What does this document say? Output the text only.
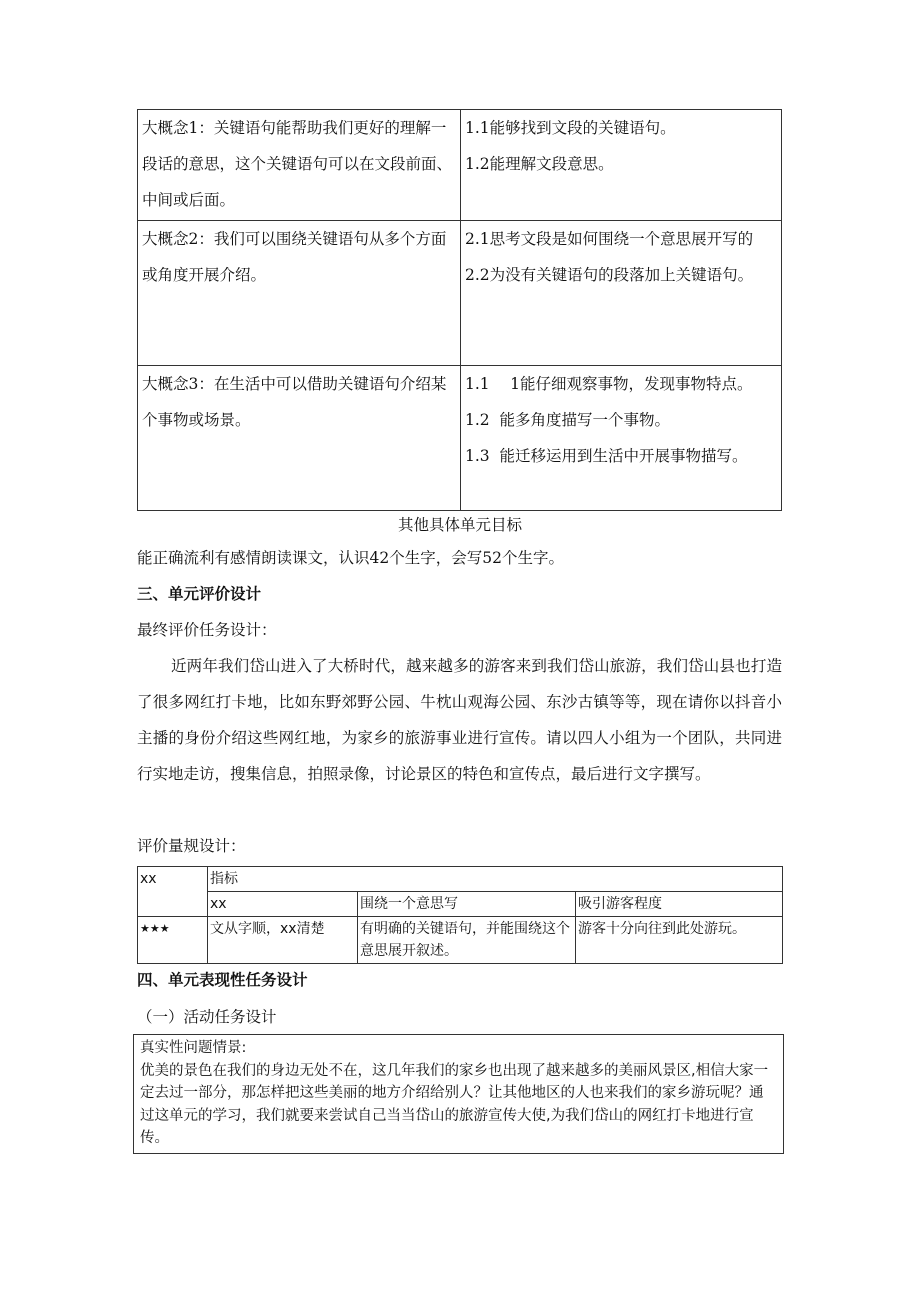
大概念1：关键语句能帮助我们更好的理解一段话的意思，这个关键语句可以在文段前面、中间或后面。	1.1能够找到文段的关键语句。

1.2能理解文段意思。

大概念2：我们可以围绕关键语句从多个方面或角度开展介绍。	2.1思考文段是如何围绕一个意思展开写的

2.2为没有关键语句的段落加上关键语句。

大概念3：在生活中可以借助关键语句介绍某个事物或场景。	1.1　 1能仔细观察事物，发现事物特点。

1.2  能多角度描写一个事物。

1.3  能迁移运用到生活中开展事物描写。

其他具体单元目标

能正确流利有感情朗读课文，认识42个生字，会写52个生字。

三、单元评价设计

最终评价任务设计：

近两年我们岱山进入了大桥时代，越来越多的游客来到我们岱山旅游，我们岱山县也打造了很多网红打卡地，比如东野郊野公园、牛枕山观海公园、东沙古镇等等，现在请你以抖音小主播的身份介绍这些网红地，为家乡的旅游事业进行宣传。请以四人小组为一个团队，共同进行实地走访，搜集信息，拍照录像，讨论景区的特色和宣传点，最后进行文字撰写。

评价量规设计：

xx	指标		
	xx	围绕一个意思写	吸引游客程度
★★★	文从字顺，xx清楚	有明确的关键语句，并能围绕这个意思展开叙述。	游客十分向往到此处游玩。

四、单元表现性任务设计

（一）活动任务设计

真实性问题情景:
优美的景色在我们的身边无处不在，这几年我们的家乡也出现了越来越多的美丽风景区,相信大家一定去过一部分，那怎样把这些美丽的地方介绍给别人？让其他地区的人也来我们的家乡游玩呢？通过这单元的学习，我们就要来尝试自己当当岱山的旅游宣传大使,为我们岱山的网红打卡地进行宣传。
